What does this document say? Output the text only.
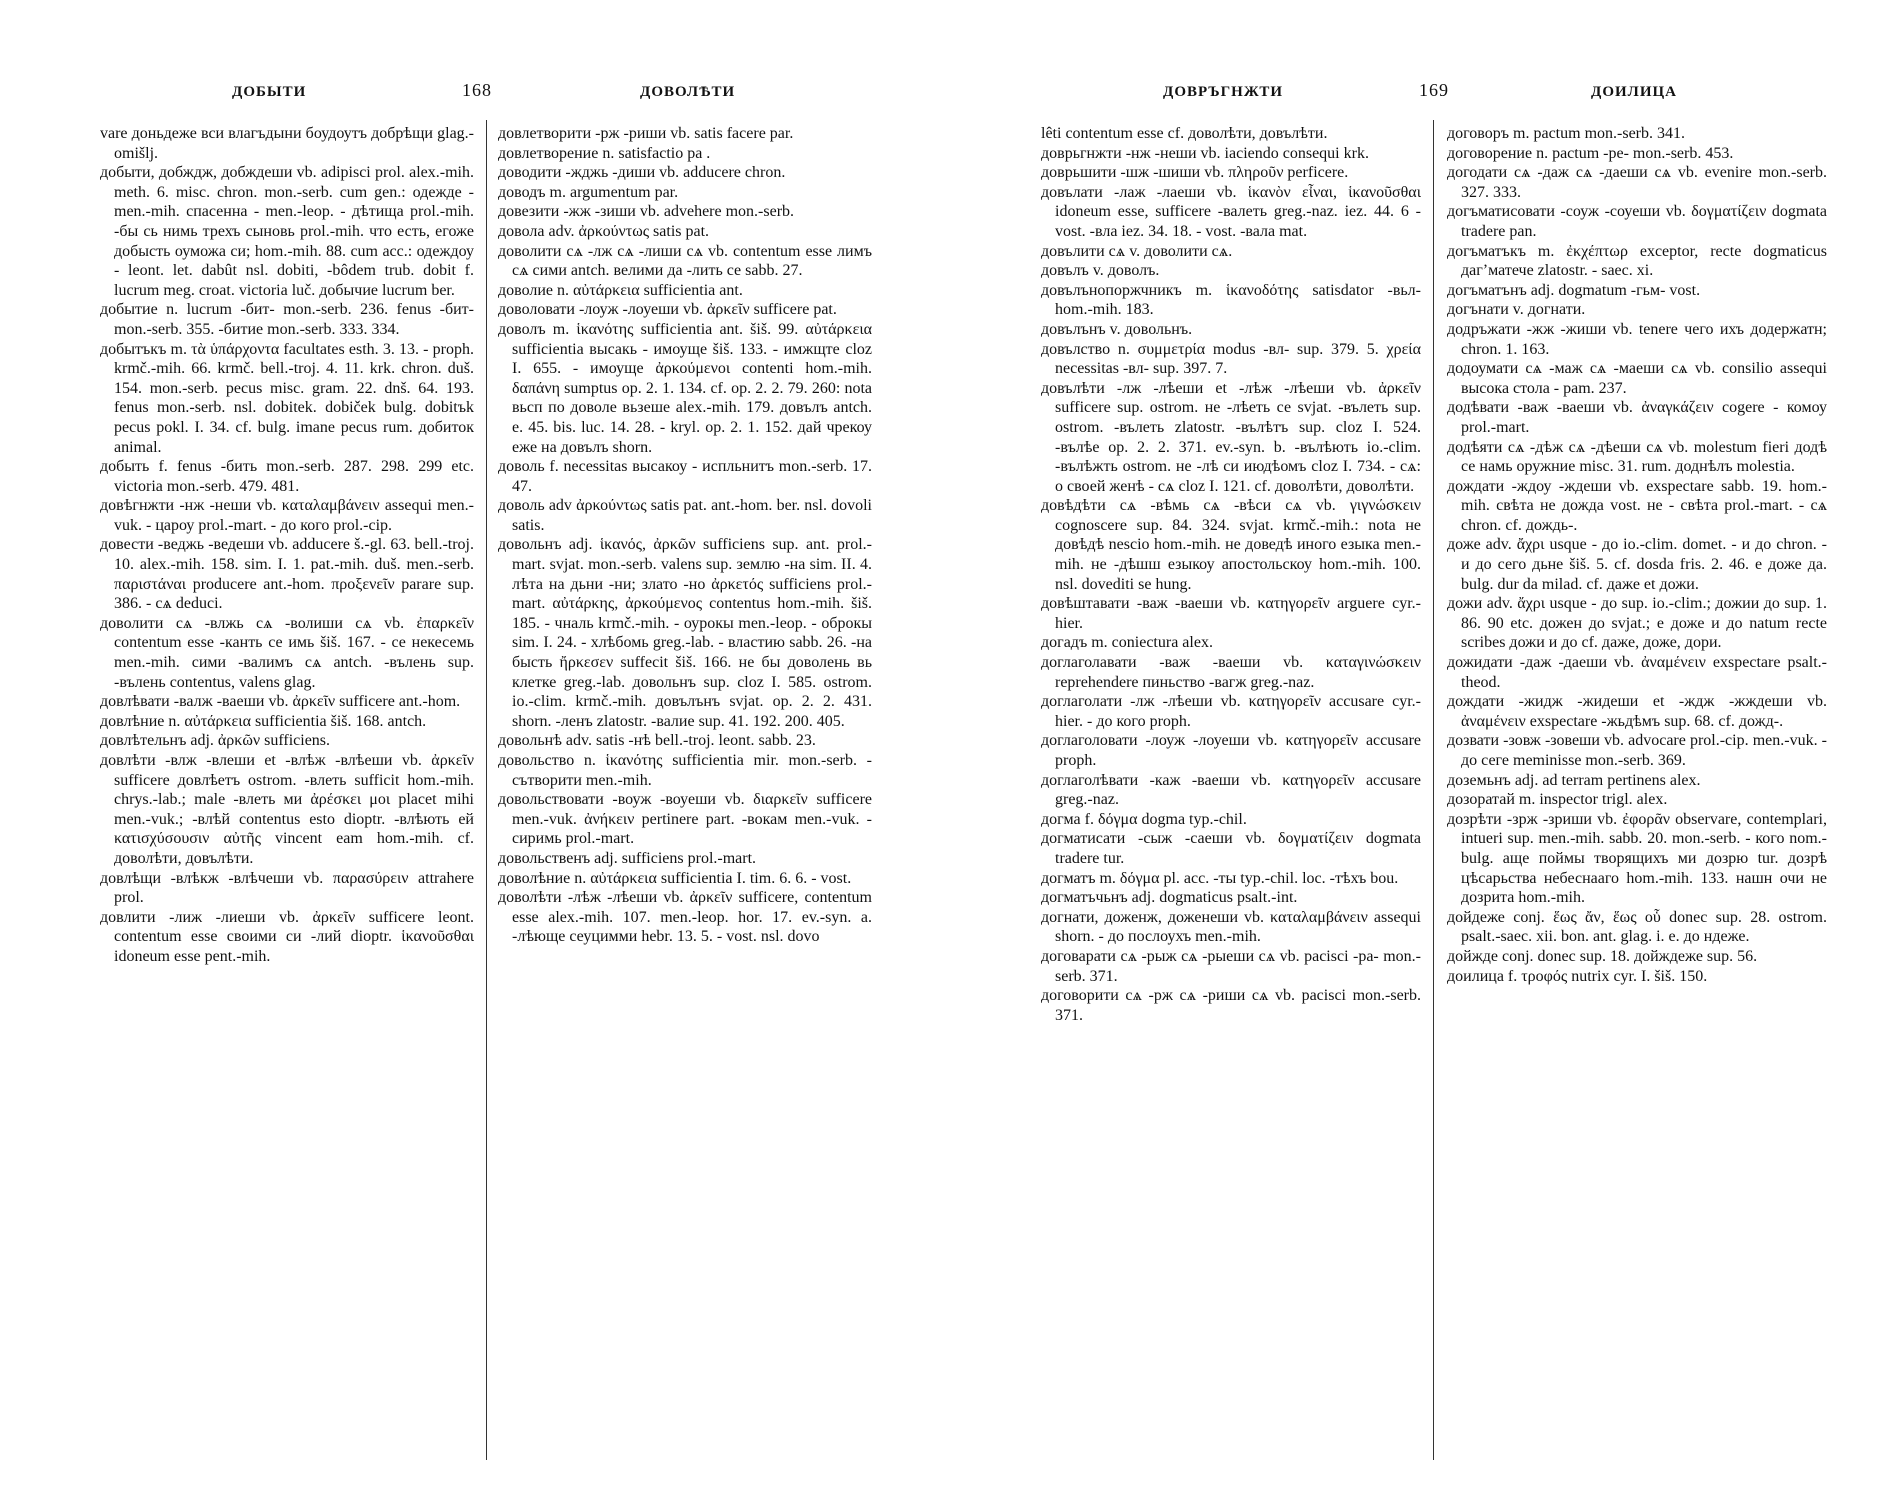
ДОБЫТИ	168	ДОВОЛѢТИ

vare доньдеже вси влагъдыни боудоутъ добрѣщи glag.-omišlj.

добыти, добждж, добждеши vb. adipisci prol. alex.-mih. meth. 6. misc. chron. mon.-serb. cum gen.: одежде - men.-mih. спасенна - men.-leop. - дѣтища prol.-mih. -бы сь нимь трехъ сыновь prol.-mih. что есть, егоже добысть оуможа си; hom.-mih. 88. cum acc.: одеждоу - leont. let. dabût nsl. dobiti, -bôdem trub. dobit f. lucrum meg. croat. victoria luč. добычие lucrum ber.

добытие n. lucrum -бит- mon.-serb. 236. fenus -бит- mon.-serb. 355. -битие mon.-serb. 333. 334.

добытъкъ m. τὰ ὑπάρχοντα facultates esth. 3. 13. - proph. krmč.-mih. 66. krmč. bell.-troj. 4. 11. krk. chron. duš. 154. mon.-serb. pecus misc. gram. 22. dnš. 64. 193. fenus mon.-serb. nsl. dobitek. dobiček bulg. dobitъk pecus pokl. I. 34. cf. bulg. imane pecus rum. добиток animal.

добыть f. fenus -бить mon.-serb. 287. 298. 299 etc. victoria mon.-serb. 479. 481.

довѣгнжти -нж -нeши vb. καταλαμβάνειν assequi men.-vuk. - цароу prol.-mart. - до кого prol.-cip.

довести -веджь -ведеши vb. adducere š.-gl. 63. bell.-troj. 10. alex.-mih. 158. sim. I. 1. pat.-mih. duš. men.-serb. παριστάναι producere ant.-hom. προξενεῖν parare sup. 386. - сѧ deduci.

доволити сѧ -влжь сѧ -волиши сѧ vb. ἐπαρκεῖν contentum esse -канть се имь šiš. 167. - се некесемь men.-mih. сими -валимъ сѧ antch. -вълень sup. -вълень contentus, valens glag.

довлѣвати -валж -ваеши vb. ἀρκεῖν sufficere ant.-hom.

довлѣние n. αὐτάρκεια sufficientia šiš. 168. antch.

довлѣтельнъ adj. ἀρκῶν sufficiens.

довлѣти -влж -влеши et -влѣж -влѣеши vb. ἀρκεῖν sufficere довлѣетъ ostrom. -влеть sufficit hom.-mih. chrys.-lab.; male -влеть ми ἀρέσκει μοι placet mihi men.-vuk.; -влѣй contentus esto dioptr. -влѣють ей κατισχύσουσιν αὐτῆς vincent eam hom.-mih. cf. доволѣти, довълѣти.

довлѣщи -влѣкж -влѣчеши vb. παρασύρειν attrahere prol.

довлити -лиж -лиеши vb. ἀρκεῖν sufficere leont. contentum esse своими си -лий dioptr. ἱκανοῦσθαι idoneum esse pent.-mih.

довлетворити -рж -риши vb. satis facere par.

довлетворение n. satisfactio pa .

доводити -жджь -диши vb. adducere chron.

доводъ m. argumentum par.

довезити -жж -зиши vb. advehere mon.-serb.

довола adv. ἀρκούντως satis pat.

доволити сѧ -лж сѧ -лиши сѧ vb. contentum esse лимъ сѧ сими antch. велими да -лить се sabb. 27.

доволие n. αὐτάρκεια sufficientia ant.

доволовати -лоуж -лоуеши vb. ἀρκεῖν sufficere pat.

доволъ m. ἱκανότης sufficientia ant. šiš. 99. αὐτάρκεια sufficientia высакь - имоуще šiš. 133. - имжщте cloz I. 655. - имоуще ἀρκούμενοι contenti hom.-mih. δαπάνη sumptus op. 2. 1. 134. cf. op. 2. 2. 79. 260: nota вьсп по доволе вьзеше alex.-mih. 179. довълъ antch. e. 45. bis. luc. 14. 28. - kryl. op. 2. 1. 152. дай чрекоу еже на довълъ shorn.

доволь f. necessitas высакоу - испльнитъ mon.-serb. 17. 47.

доволь adv ἀρκούντως satis pat. ant.-hom. ber. nsl. dovoli satis.

довольнъ adj. ἱκανός, ἀρκῶν sufficiens sup. ant. prol.-mart. svjat. mon.-serb. valens sup. землю -на sim. II. 4. лѣта на дьни -ни; злато -но ἀρκετός sufficiens prol.-mart. αὐτάρκης, ἀρκούμενος contentus hom.-mih. šiš. 185. - чналь krmč.-mih. - оурокы men.-leop. - оброкы sim. I. 24. - хлѣбомь greg.-lab. - властию sabb. 26. -на бысть ἤρκεσεν suffecit šiš. 166. не бы доволень вь клетке greg.-lab. довольнъ sup. cloz I. 585. ostrom. io.-clim. krmč.-mih. довълънъ svjat. op. 2. 2. 431. shorn. -ленъ zlatostr. -валие sup. 41. 192. 200. 405.

довольнѣ adv. satis -нѣ bell.-troj. leont. sabb. 23.

довольство n. ἱκανότης sufficientia mir. mon.-serb. - сътворити men.-mih.

довольствовати -воуж -воуеши vb. διαρκεῖν sufficere men.-vuk. ἀνήκειν pertinere part. -вокам men.-vuk. - сиримь prol.-mart.

довольственъ adj. sufficiens prol.-mart.

доволѣние n. αὐτάρκεια sufficientia I. tim. 6. 6. - vost.

доволѣти -лѣж -лѣеши vb. ἀρκεῖν sufficere, contentum esse alex.-mih. 107. men.-leop. hor. 17. ev.-syn. a. -лѣюще сеуцимми hebr. 13. 5. - vost. nsl. dovo

ДОВРЪГНЖТИ	169	ДОИЛИЦА

lêti contentum esse cf. доволѣти, довълѣти.

доврьгнжти -нж -неши vb. iaciendo consequi krk.

доврьшити -шж -шиши vb. πληροῦν perficere.

довълати -лаж -лаеши vb. ἱκανὸν εἶναι, ἱκανοῦσθαι idoneum esse, sufficere -валеть greg.-naz. iez. 44. 6 - vost. -вла iez. 34. 18. - vost. -вала mat.

довълити сѧ v. доволити сѧ.

довълъ v. доволъ.

довълънопоржчникъ m. ἱκανοδότης satisdator -вьл- hom.-mih. 183.

довълънъ v. довольнъ.

довълство n. συμμετρία modus -вл- sup. 379. 5. χρεία necessitas -вл- sup. 397. 7.

довълѣти -лж -лѣеши et -лѣж -лѣеши vb. ἀρκεῖν sufficere sup. ostrom. не -лѣеть се svjat. -вълеть sup. ostrom. -вълеть zlatostr. -вълѣтъ sup. cloz I. 524. -вълѣе op. 2. 2. 371. ev.-syn. b. -вълѣють io.-clim. -вълѣжть ostrom. не -лѣ си июдѣомъ cloz I. 734. - сѧ: о своей женѣ - сѧ cloz I. 121. cf. доволѣти, доволѣти.

довѣдѣти сѧ -вѣмь сѧ -вѣси сѧ vb. γιγνώσκειν cognoscere sup. 84. 324. svjat. krmč.-mih.: nota не довѣдѣ nescio hom.-mih. не доведѣ иного езыка men.-mih. не -дѣшш езыкоу апостольскоу hom.-mih. 100. nsl. dovediti se hung.

довѣштавати -важ -ваеши vb. κατηγορεῖν arguere cyr.-hier.

догадъ m. coniectura alex.

доглаголавати -важ -ваеши vb. καταγινώσκειν reprehendere пиньство -вагж greg.-naz.

доглаголати -лж -лѣеши vb. κατηγορεῖν accusare cyr.-hier. - до кого proph.

доглаголовати -лоуж -лоуеши vb. κατηγορεῖν accusare proph.

доглаголѣвати -каж -ваеши vb. κατηγορεῖν accusare greg.-naz.

догма f. δόγμα dogma typ.-chil.

догматисати -сыж -саеши vb. δογματίζειν dogmata tradere tur.

догматъ m. δόγμα pl. acc. -ты typ.-chil. loc. -тѣхъ bou.

догматъчьнъ adj. dogmaticus psalt.-int.

догнати, доженж, доженеши vb. καταλαμβάνειν assequi shorn. - до послоухъ men.-mih.

договарати сѧ -рыж сѧ -рыеши сѧ vb. pacisci -ра- mon.-serb. 371.

договорити сѧ -рж сѧ -риши сѧ vb. pacisci mon.-serb. 371.

договоръ m. pactum mon.-serb. 341.

договорение n. pactum -ре- mon.-serb. 453.

догодати сѧ -даж сѧ -даеши сѧ vb. evenire mon.-serb. 327. 333.

догъматисовати -соуж -соуеши vb. δογματίζειν dogmata tradere pan.

догъматъкъ m. ἐκχέπτωρ exceptor, recte dogmaticus дагʼматече zlatostr. - saec. xi.

догъматънъ adj. dogmatum -гьм- vost.

догънати v. догнати.

додръжати -жж -жиши vb. tenere чего ихъ додержатн; chron. 1. 163.

додоумати сѧ -маж сѧ -маеши сѧ vb. consilio assequi высока стола - pam. 237.

додѣвати -важ -ваеши vb. ἀναγκάζειν cogere - комоу prol.-mart.

додѣяти сѧ -дѣж сѧ -дѣеши сѧ vb. molestum fieri додѣ се намь оружние misc. 31. rum. доднѣлъ molestia.

дождати -ждоу -ждеши vb. exspectare sabb. 19. hom.-mih. свѣта не дожда vost. не - свѣта prol.-mart. - сѧ chron. cf. дождь-.

доже adv. ἄχρι usque - до io.-clim. domet. - и до chron. - и до сего дьне šiš. 5. cf. dosda fris. 2. 46. е доже да. bulg. dur da milad. cf. даже et дожи.

дожи adv. ἄχρι usque - до sup. io.-clim.; дожии до sup. 1. 86. 90 etc. дожен до svjat.; е доже и до natum recte scribes дожи и до cf. даже, доже, дори.

дожидати -даж -даеши vb. ἀναμένειν exspectare psalt.-theod.

дождати -жидж -жидеши et -ждж -жждеши vb. ἀναμένειν exspectare -жьдѣмъ sup. 68. cf. дожд-.

дозвати -зовж -зовеши vb. advocare prol.-cip. men.-vuk. - до сеге meminisse mon.-serb. 369.

доземьнъ adj. ad terram pertinens alex.

дозоратай m. inspector trigl. alex.

дозрѣти -зрж -зриши vb. ἐφορᾶν observare, contemplari, intueri sup. men.-mih. sabb. 20. mon.-serb. - кого nom.-bulg. аще поймы творящихъ ми дозрю tur. дозрѣ цѣсарьства небеснааго hom.-mih. 133. нашн очи не дозрита hom.-mih.

дойдеже conj. ἕως ἄν, ἕως οὗ donec sup. 28. ostrom. psalt.-saec. xii. bon. ant. glag. i. e. до ндеже.

дойжде conj. donec sup. 18. дойждеже sup. 56.

доилица f. τροφός nutrix cyr. I. šiš. 150.
